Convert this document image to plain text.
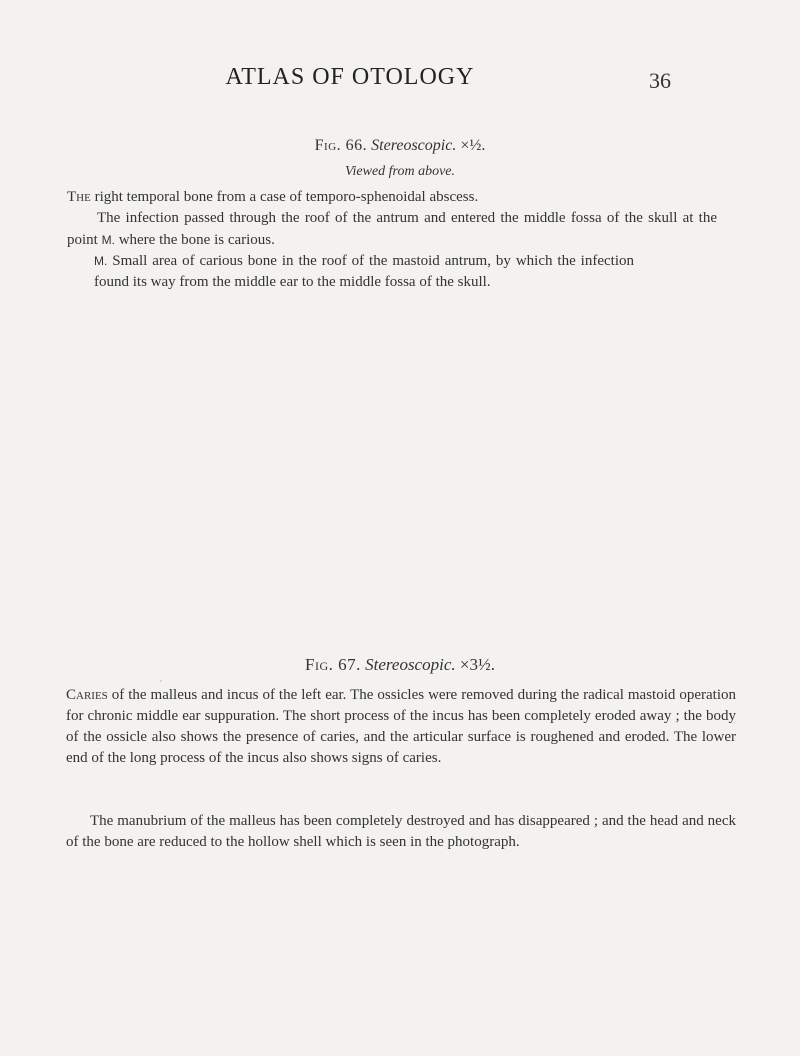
ATLAS OF OTOLOGY	36
Fig. 66. Stereoscopic. ×½.
Viewed from above.
The right temporal bone from a case of temporo-sphenoidal abscess.
The infection passed through the roof of the antrum and entered the middle fossa of the skull at the point M. where the bone is carious.
M. Small area of carious bone in the roof of the mastoid antrum, by which the infection found its way from the middle ear to the middle fossa of the skull.
Fig. 67. Stereoscopic. ×3½.
Caries of the malleus and incus of the left ear. The ossicles were removed during the radical mastoid operation for chronic middle ear suppuration. The short process of the incus has been completely eroded away ; the body of the ossicle also shows the presence of caries, and the articular surface is roughened and eroded. The lower end of the long process of the incus also shows signs of caries.
The manubrium of the malleus has been completely destroyed and has disappeared ; and the head and neck of the bone are reduced to the hollow shell which is seen in the photograph.
